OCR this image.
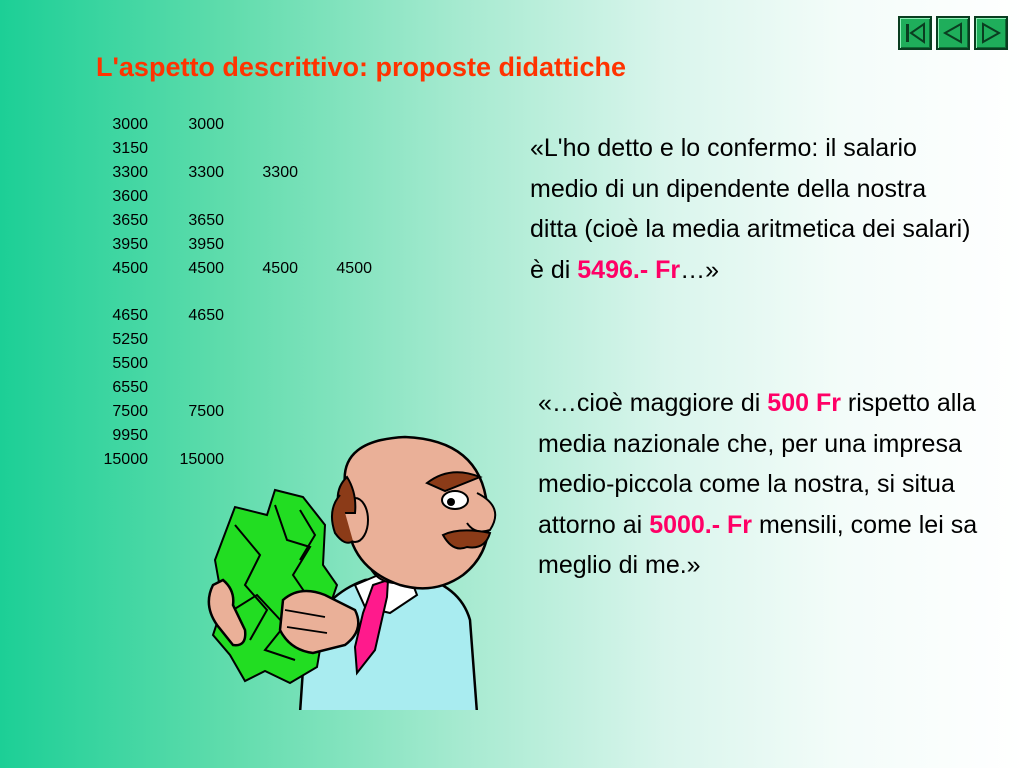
L'aspetto descrittivo: proposte didattiche
3000	3000
3150
3300	3300	3300
3600
3650	3650
3950	3950
4500	4500	4500	4500
4650	4650
5250
5500
6550
7500	7500
9950
15000	15000
«L'ho detto e lo confermo: il salario medio di un dipendente della nostra ditta (cioè la media aritmetica dei salari) è di 5496.- Fr…»
«…cioè maggiore di 500 Fr rispetto alla media nazionale che, per una impresa medio-piccola come la nostra, si situa attorno ai 5000.- Fr mensili, come lei sa meglio di me.»
